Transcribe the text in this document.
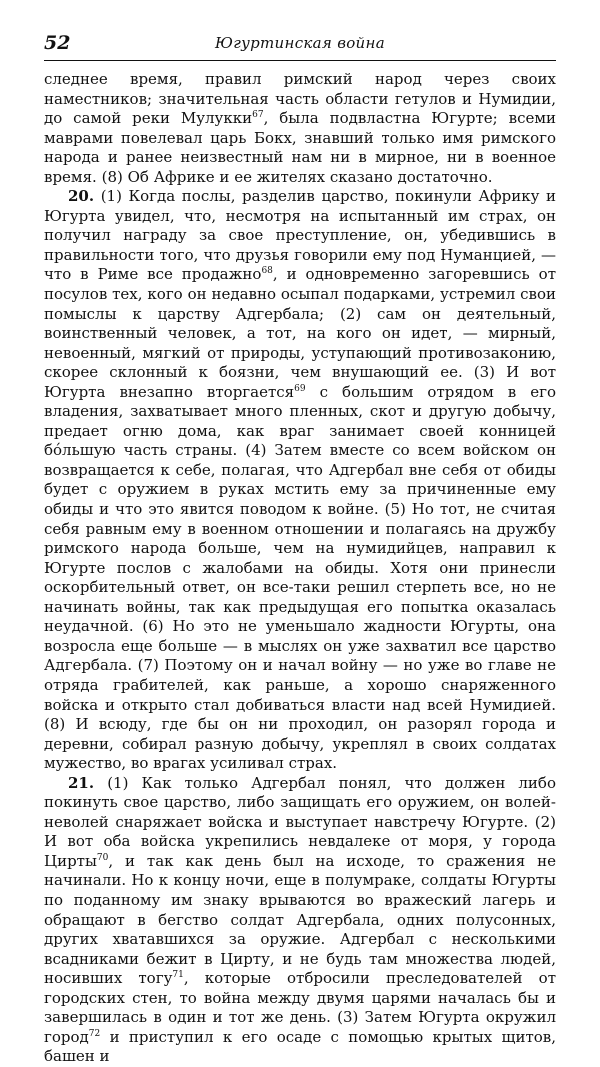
52	Югуртинская война

следнее время, правил римский народ через своих наместников; значительная часть области гетулов и Нумидии, до самой реки Мулукки$^{67}$, была подвластна Югурте; всеми маврами повелевал царь Бокх, знавший только имя римского народа и ранее неизвестный нам ни в мирное, ни в военное время. (8) Об Африке и ее жителях сказано достаточно.

20. (1) Когда послы, разделив царство, покинули Африку и Югурта увидел, что, несмотря на испытанный им страх, он получил награду за свое преступление, он, убедившись в правильности того, что друзья говорили ему под Нуманцией, — что в Риме все продажно$^{68}$, и одновременно загоревшись от посулов тех, кого он недавно осыпал подарками, устремил свои помыслы к царству Адгербала; (2) сам он деятельный, воинственный человек, а тот, на кого он идет, — мирный, невоенный, мягкий от природы, уступающий противозаконию, скорее склонный к боязни, чем внушающий ее. (3) И вот Югурта внезапно вторгается$^{69}$ с большим отрядом в его владения, захватывает много пленных, скот и другую добычу, предает огню дома, как враг занимает своей конницей бóльшую часть страны. (4) Затем вместе со всем войском он возвращается к себе, полагая, что Адгербал вне себя от обиды будет с оружием в руках мстить ему за причиненные ему обиды и что это явится поводом к войне. (5) Но тот, не считая себя равным ему в военном отношении и полагаясь на дружбу римского народа больше, чем на нумидийцев, направил к Югурте послов с жалобами на обиды. Хотя они принесли оскорбительный ответ, он все-таки решил стерпеть все, но не начинать войны, так как предыдущая его попытка оказалась неудачной. (6) Но это не уменьшало жадности Югурты, она возросла еще больше — в мыслях он уже захватил все царство Адгербала. (7) Поэтому он и начал войну — но уже во главе не отряда грабителей, как раньше, а хорошо снаряженного войска и открыто стал добиваться власти над всей Нумидией. (8) И всюду, где бы он ни проходил, он разорял города и деревни, собирал разную добычу, укреплял в своих солдатах мужество, во врагах усиливал страх.

21. (1) Как только Адгербал понял, что должен либо покинуть свое царство, либо защищать его оружием, он волей-неволей снаряжает войска и выступает навстречу Югурте. (2) И вот оба войска укрепились невдалеке от моря, у города Цирты$^{70}$, и так как день был на исходе, то сражения не начинали. Но к концу ночи, еще в полумраке, солдаты Югурты по поданному им знаку врываются во вражеский лагерь и обращают в бегство солдат Адгербала, одних полусонных, других хватавшихся за оружие. Адгербал с несколькими всадниками бежит в Цирту, и не будь там множества людей, носивших тогу$^{71}$, которые отбросили преследователей от городских стен, то война между двумя царями началась бы и завершилась в один и тот же день. (3) Затем Югурта окружил город$^{72}$ и приступил к его осаде с помощью крытых щитов, башен и
